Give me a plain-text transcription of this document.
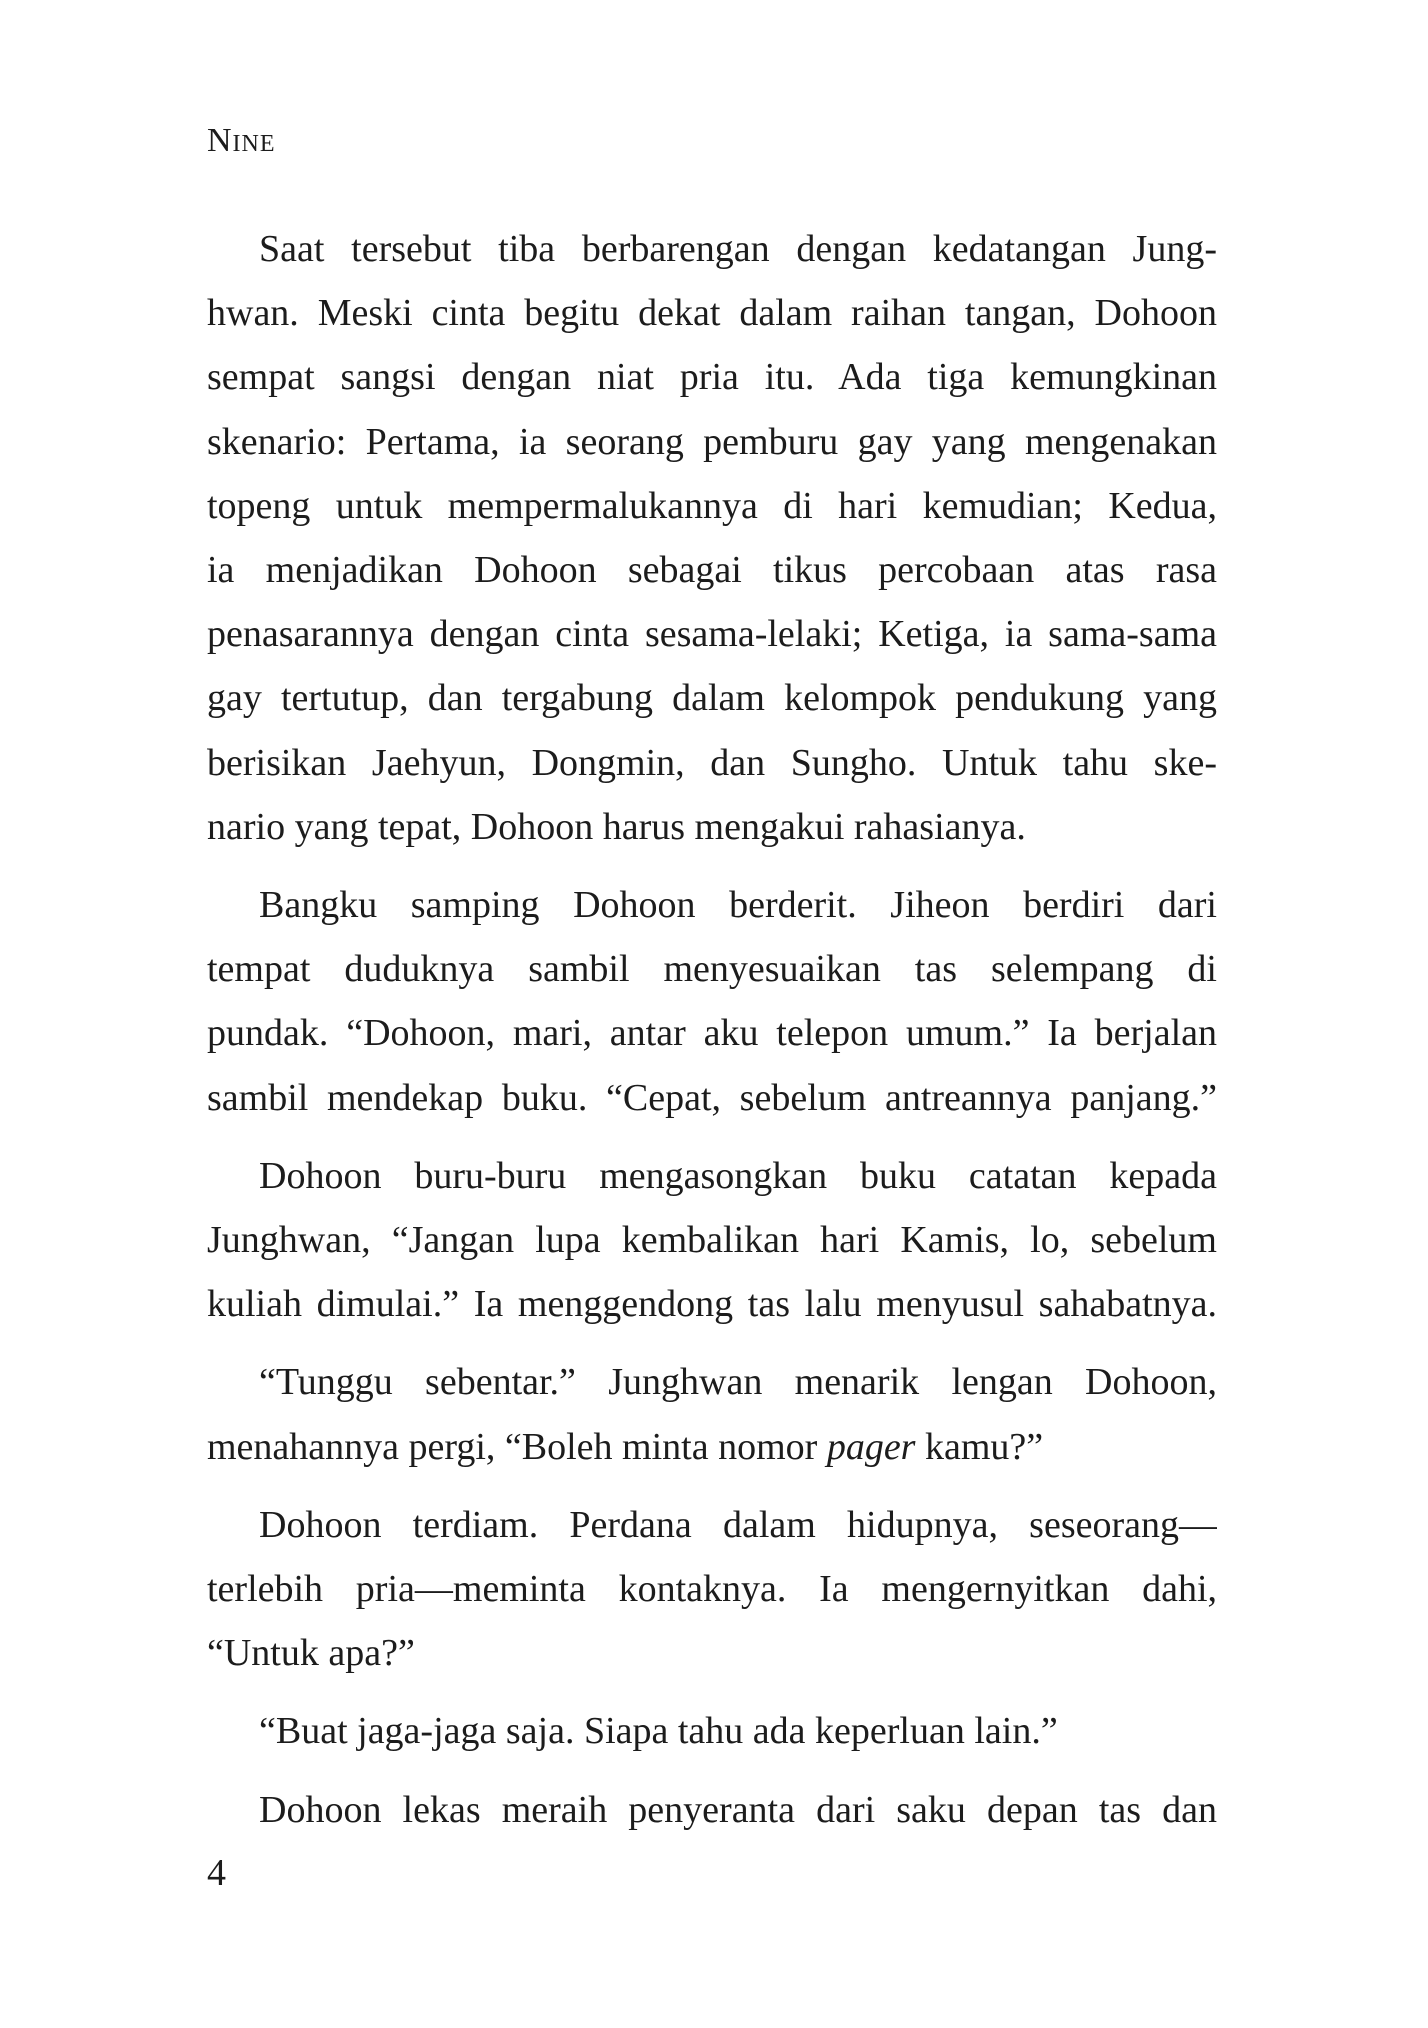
Nine
Saat tersebut tiba berbarengan dengan kedatangan Jung-
hwan. Meski cinta begitu dekat dalam raihan tangan, Dohoon
sempat sangsi dengan niat pria itu. Ada tiga kemungkinan
skenario: Pertama, ia seorang pemburu gay yang mengenakan
topeng untuk mempermalukannya di hari kemudian; Kedua,
ia menjadikan Dohoon sebagai tikus percobaan atas rasa
penasarannya dengan cinta sesama-lelaki; Ketiga, ia sama-sama
gay tertutup, dan tergabung dalam kelompok pendukung yang
berisikan Jaehyun, Dongmin, dan Sungho. Untuk tahu ske-
nario yang tepat, Dohoon harus mengakui rahasianya.
Bangku samping Dohoon berderit. Jiheon berdiri dari
tempat duduknya sambil menyesuaikan tas selempang di
pundak. “Dohoon, mari, antar aku telepon umum.” Ia berjalan
sambil mendekap buku. “Cepat, sebelum antreannya panjang.”
Dohoon buru-buru mengasongkan buku catatan kepada
Junghwan, “Jangan lupa kembalikan hari Kamis, lo, sebelum
kuliah dimulai.” Ia menggendong tas lalu menyusul sahabatnya.
“Tunggu sebentar.” Junghwan menarik lengan Dohoon,
menahannya pergi, “Boleh minta nomor pager kamu?”
Dohoon terdiam. Perdana dalam hidupnya, seseorang—
terlebih pria—meminta kontaknya. Ia mengernyitkan dahi,
“Untuk apa?”
“Buat jaga-jaga saja. Siapa tahu ada keperluan lain.”
Dohoon lekas meraih penyeranta dari saku depan tas dan
4
